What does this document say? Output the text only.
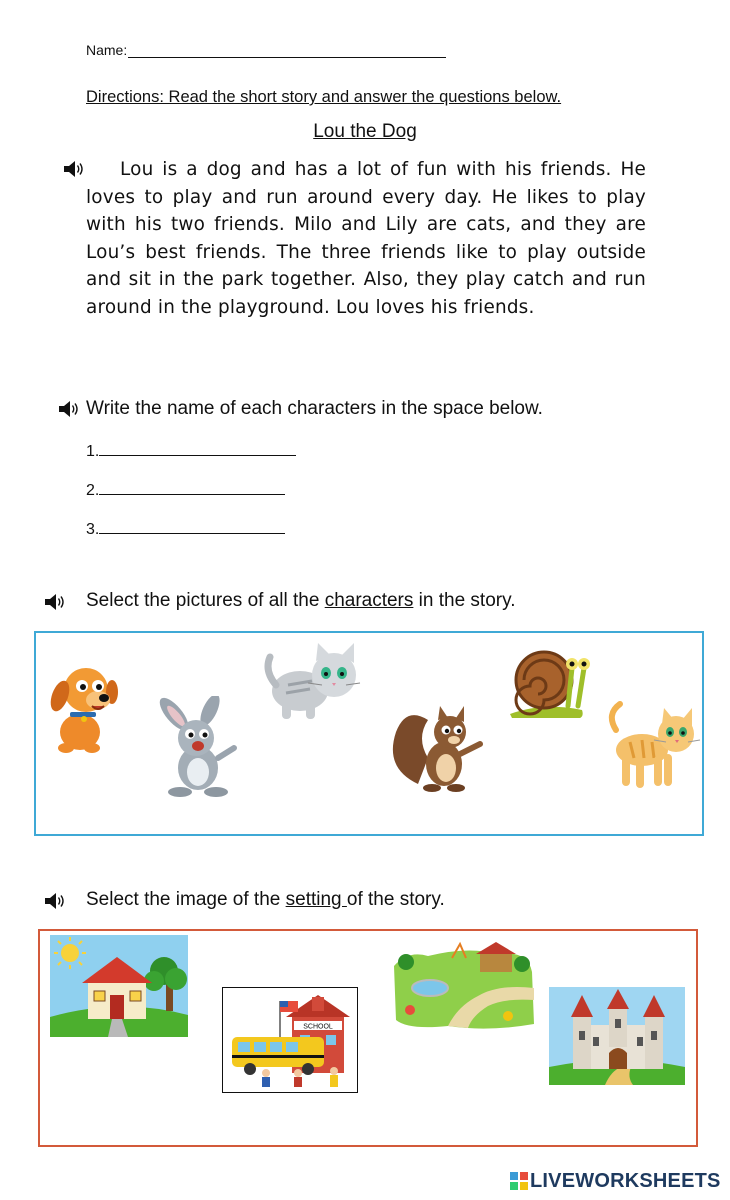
Name:
Directions: Read the short story and answer the questions below.
Lou the Dog
Lou is a dog and has a lot of fun with his friends. He loves to play and run around every day. He likes to play with his two friends. Milo and Lily are cats, and they are Lou’s best friends. The three friends like to play outside and sit in the park together. Also, they play catch and run around in the playground. Lou loves his friends.
Write the name of each characters in the space below.
1.
2.
3.
Select the pictures of all the characters in the story.
Select the image of the setting of the story.
SCHOOL
LIVEWORKSHEETS
